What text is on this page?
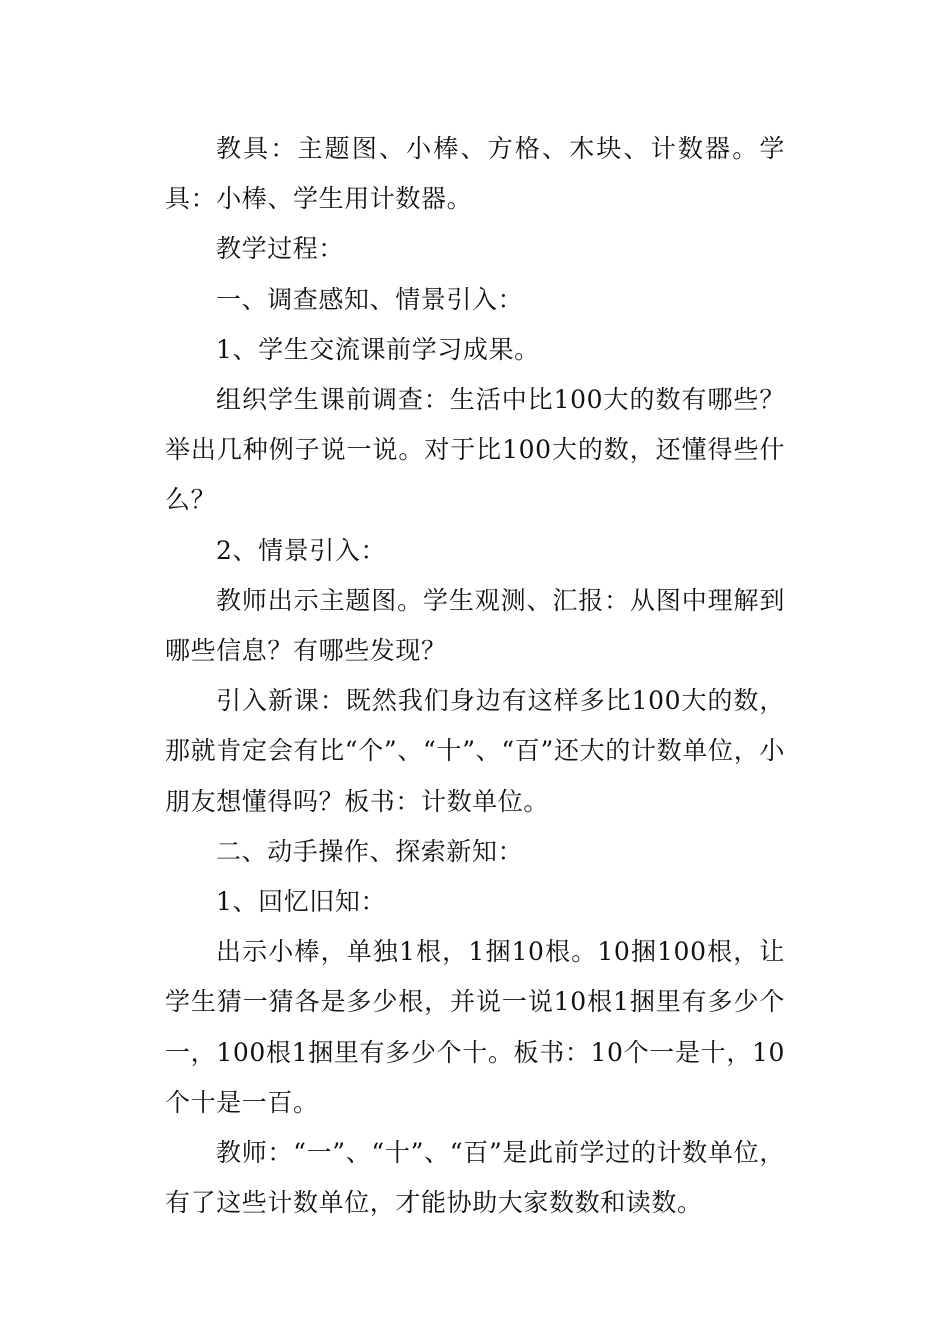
教具：主题图、小棒、方格、木块、计数器。学具：小棒、学生用计数器。

教学过程：

一、调查感知、情景引入：

1、学生交流课前学习成果。

组织学生课前调查：生活中比100大的数有哪些？举出几种例子说一说。对于比100大的数，还懂得些什么？

2、情景引入：

教师出示主题图。学生观测、汇报：从图中理解到哪些信息？有哪些发现？

引入新课：既然我们身边有这样多比100大的数，那就肯定会有比“个”、“十”、“百”还大的计数单位，小朋友想懂得吗？板书：计数单位。

二、动手操作、探索新知：

1、回忆旧知：

出示小棒，单独1根，1捆10根。10捆100根，让学生猜一猜各是多少根，并说一说10根1捆里有多少个一，100根1捆里有多少个十。板书：10个一是十，10个十是一百。

教师：“一”、“十”、“百”是此前学过的计数单位，有了这些计数单位，才能协助大家数数和读数。
